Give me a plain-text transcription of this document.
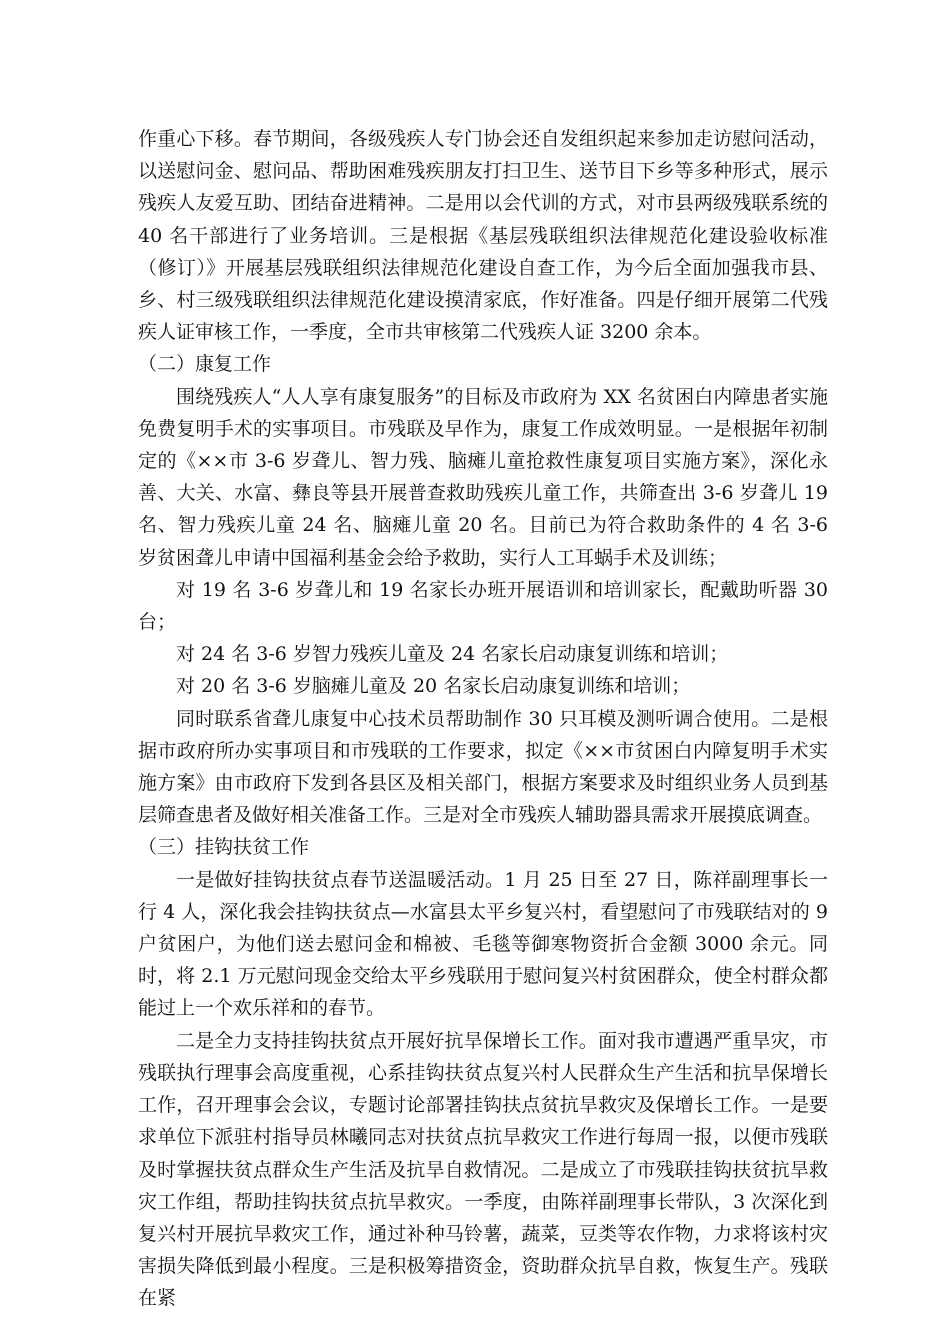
作重心下移。春节期间，各级残疾人专门协会还自发组织起来参加走访慰问活动，以送慰问金、慰问品、帮助困难残疾朋友打扫卫生、送节目下乡等多种形式，展示残疾人友爱互助、团结奋进精神。二是用以会代训的方式，对市县两级残联系统的 40 名干部进行了业务培训。三是根据《基层残联组织法律规范化建设验收标准（修订）》开展基层残联组织法律规范化建设自查工作，为今后全面加强我市县、乡、村三级残联组织法律规范化建设摸清家底，作好准备。四是仔细开展第二代残疾人证审核工作，一季度，全市共审核第二代残疾人证 3200 余本。

（二）康复工作

围绕残疾人“人人享有康复服务”的目标及市政府为 XX 名贫困白内障患者实施免费复明手术的实事项目。市残联及早作为，康复工作成效明显。一是根据年初制定的《××市 3-6 岁聋儿、智力残、脑瘫儿童抢救性康复项目实施方案》，深化永善、大关、水富、彝良等县开展普查救助残疾儿童工作，共筛查出 3-6 岁聋儿 19 名、智力残疾儿童 24 名、脑瘫儿童 20 名。目前已为符合救助条件的 4 名 3-6 岁贫困聋儿申请中国福利基金会给予救助，实行人工耳蜗手术及训练；

对 19 名 3-6 岁聋儿和 19 名家长办班开展语训和培训家长，配戴助听器 30 台；

对 24 名 3-6 岁智力残疾儿童及 24 名家长启动康复训练和培训；

对 20 名 3-6 岁脑瘫儿童及 20 名家长启动康复训练和培训；

同时联系省聋儿康复中心技术员帮助制作 30 只耳模及测听调合使用。二是根据市政府所办实事项目和市残联的工作要求，拟定《××市贫困白内障复明手术实施方案》由市政府下发到各县区及相关部门，根据方案要求及时组织业务人员到基层筛查患者及做好相关准备工作。三是对全市残疾人辅助器具需求开展摸底调查。

（三）挂钩扶贫工作

一是做好挂钩扶贫点春节送温暖活动。1 月 25 日至 27 日，陈祥副理事长一行 4 人，深化我会挂钩扶贫点—水富县太平乡复兴村，看望慰问了市残联结对的 9 户贫困户，为他们送去慰问金和棉被、毛毯等御寒物资折合金额 3000 余元。同时，将 2.1 万元慰问现金交给太平乡残联用于慰问复兴村贫困群众，使全村群众都能过上一个欢乐祥和的春节。

二是全力支持挂钩扶贫点开展好抗旱保增长工作。面对我市遭遇严重旱灾，市残联执行理事会高度重视，心系挂钩扶贫点复兴村人民群众生产生活和抗旱保增长工作，召开理事会会议，专题讨论部署挂钩扶点贫抗旱救灾及保增长工作。一是要求单位下派驻村指导员林曦同志对扶贫点抗旱救灾工作进行每周一报，以便市残联及时掌握扶贫点群众生产生活及抗旱自救情况。二是成立了市残联挂钩扶贫抗旱救灾工作组，帮助挂钩扶贫点抗旱救灾。一季度，由陈祥副理事长带队，3 次深化到复兴村开展抗旱救灾工作，通过补种马铃薯，蔬菜，豆类等农作物，力求将该村灾害损失降低到最小程度。三是积极筹措资金，资助群众抗旱自救，恢复生产。残联在紧
